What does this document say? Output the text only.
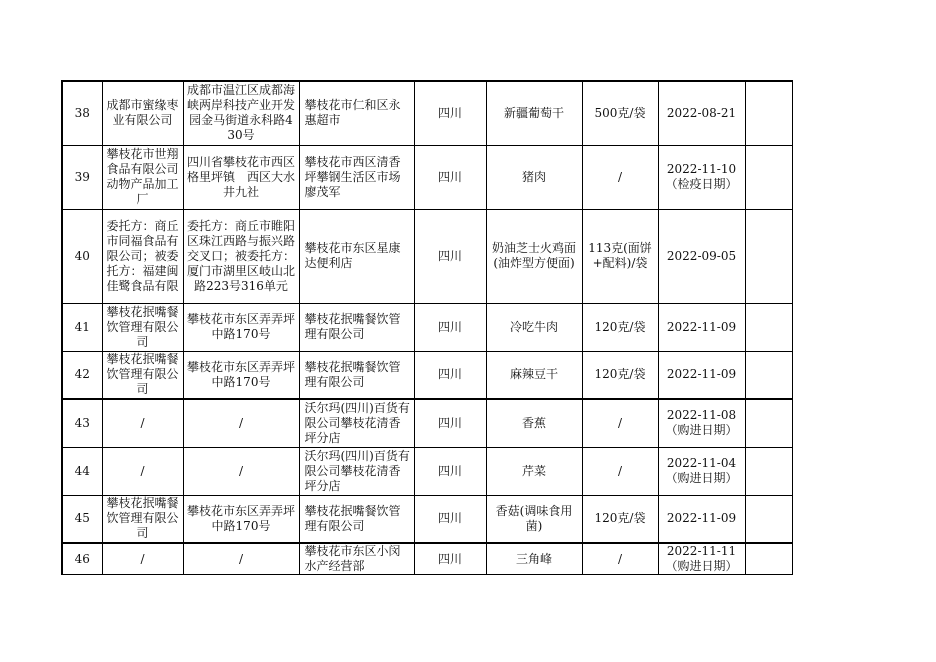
38	成都市蜜缘枣业有限公司	成都市温江区成都海峡两岸科技产业开发园金马街道永科路430号	攀枝花市仁和区永惠超市	四川	新疆葡萄干	500克/袋	2022-08-21	
39	攀枝花市世翔食品有限公司　动物产品加工厂	四川省攀枝花市西区格里坪镇　西区大水井九社	攀枝花市西区清香坪攀钢生活区市场廖茂军	四川	猪肉	/	2022-11-10（检疫日期）	
40	委托方：商丘市同福食品有限公司；被委托方：福建闽佳鹭食品有限	委托方：商丘市睢阳区珠江西路与振兴路交叉口；被委托方：厦门市湖里区岐山北路223号316单元	攀枝花市东区星康达便利店	四川	奶油芝士火鸡面(油炸型方便面)	113克(面饼+配料)/袋	2022-09-05	
41	攀枝花抿嘴餐饮管理有限公司	攀枝花市东区弄弄坪中路170号	攀枝花抿嘴餐饮管理有限公司	四川	冷吃牛肉	120克/袋	2022-11-09	
42	攀枝花抿嘴餐饮管理有限公司	攀枝花市东区弄弄坪中路170号	攀枝花抿嘴餐饮管理有限公司	四川	麻辣豆干	120克/袋	2022-11-09	
43	/	/	沃尔玛(四川)百货有限公司攀枝花清香坪分店	四川	香蕉	/	2022-11-08（购进日期）	
44	/	/	沃尔玛(四川)百货有限公司攀枝花清香坪分店	四川	芹菜	/	2022-11-04（购进日期）	
45	攀枝花抿嘴餐饮管理有限公司	攀枝花市东区弄弄坪中路170号	攀枝花抿嘴餐饮管理有限公司	四川	香菇(调味食用菌)	120克/袋	2022-11-09	
46	/	/	攀枝花市东区小闵水产经营部	四川	三角峰	/	2022-11-11（购进日期）	
